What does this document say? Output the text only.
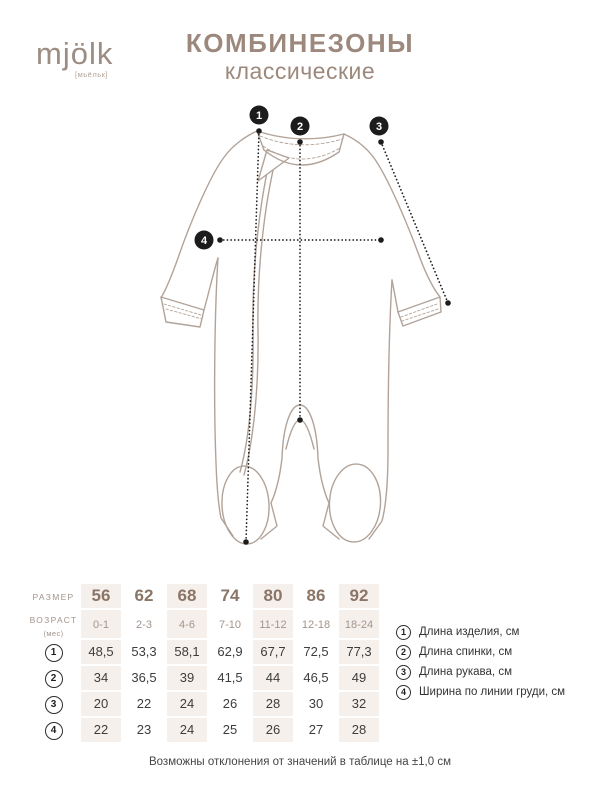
mjölk
[мьёльк]
КОМБИНЕЗОНЫ
классические
1
2	3
4
РАЗМЕР	56	62	68	74	80	86	92
ВОЗРАСТ
(мес)	0-1	2-3	4-6	7-10	11-12	12-18	18-24
1	48,5	53,3	58,1	62,9	67,7	72,5	77,3
2	34	36,5	39	41,5	44	46,5	49
3	20	22	24	26	28	30	32
4	22	23	24	25	26	27	28
1	Длина изделия, см
2	Длина спинки, см
3	Длина рукава, см
4	Ширина по линии груди, см
Возможны отклонения от значений в таблице на ±1,0 см
